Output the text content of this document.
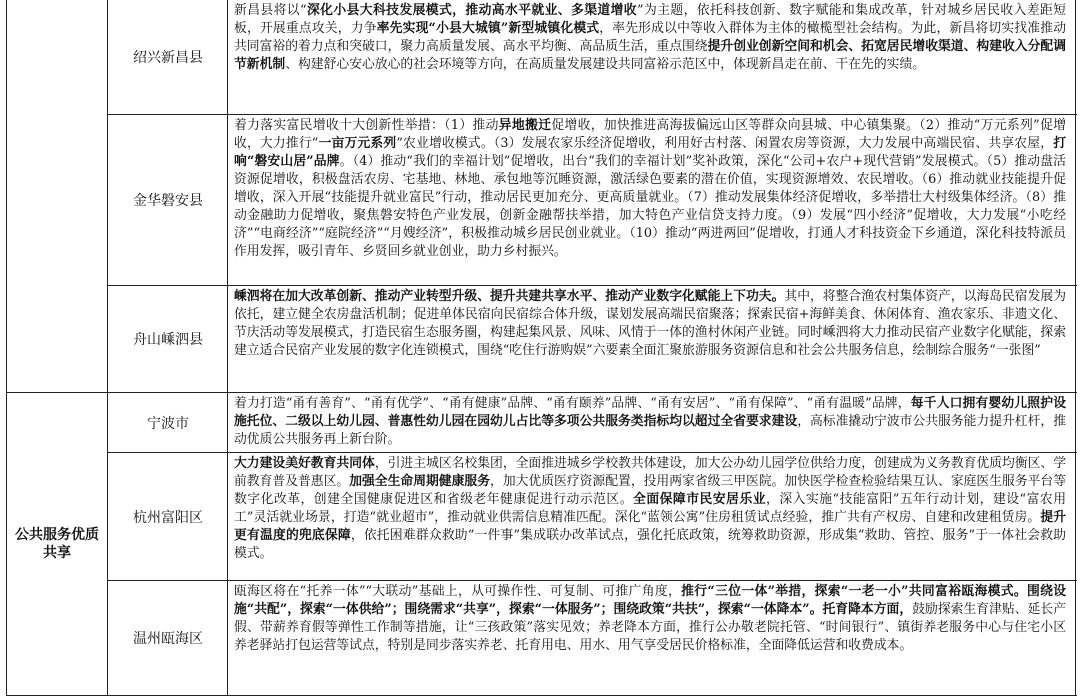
公共服务优质共享
绍兴新昌县
金华磐安县
舟山嵊泗县
宁波市
杭州富阳区
温州瓯海区
新昌县将以“深化小县大科技发展模式，推动高水平就业、多渠道增收”为主题，依托科技创新、数字赋能和集成改革，针对城乡居民收入差距短板，开展重点攻关，力争率先实现“小县大城镇”新型城镇化模式，率先形成以中等收入群体为主体的橄榄型社会结构。为此，新昌将切实找准推动共同富裕的着力点和突破口，聚力高质量发展、高水平均衡、高品质生活，重点围绕提升创业创新空间和机会、拓宽居民增收渠道、构建收入分配调节新机制、构建舒心安心放心的社会环境等方向，在高质量发展建设共同富裕示范区中，体现新昌走在前、干在先的实绩。
着力落实富民增收十大创新性举措：（1）推动异地搬迁促增收，加快推进高海拔偏远山区等群众向县城、中心镇集聚。（2）推动“万元系列”促增收，大力推行“一亩万元系列”农业增收模式。（3）发展农家乐经济促增收，利用好古村落、闲置农房等资源，大力发展中高端民宿、共享农屋，打响“磐安山居”品牌。（4）推动“我们的幸福计划”促增收，出台“我们的幸福计划”奖补政策，深化“公司+农户+现代营销”发展模式。（5）推动盘活资源促增收，积极盘活农房、宅基地、林地、承包地等沉睡资源，激活绿色要素的潜在价值，实现资源增效、农民增收。（6）推动就业技能提升促增收，深入开展“技能提升就业富民”行动，推动居民更加充分、更高质量就业。（7）推动发展集体经济促增收，多举措壮大村级集体经济。（8）推动金融助力促增收，聚焦磐安特色产业发展，创新金融帮扶举措，加大特色产业信贷支持力度。（9）发展“四小经济”促增收，大力发展“小吃经济”“电商经济”“庭院经济”“月嫂经济”，积极推动城乡居民创业就业。（10）推动“两进两回”促增收，打通人才科技资金下乡通道，深化科技特派员作用发挥，吸引青年、乡贤回乡就业创业，助力乡村振兴。
嵊泗将在加大改革创新、推动产业转型升级、提升共建共享水平、推动产业数字化赋能上下功夫。其中，将整合渔农村集体资产，以海岛民宿发展为依托，建立健全农房盘活机制；促进单体民宿向民宿综合体升级，谋划发展高端民宿聚落；探索民宿+海鲜美食、休闲体育、渔农家乐、非遗文化、节庆活动等发展模式，打造民宿生态服务圈，构建起集风景、风味、风情于一体的渔村休闲产业链。同时嵊泗将大力推动民宿产业数字化赋能，探索建立适合民宿产业发展的数字化连锁模式，围绕“吃住行游购娱”六要素全面汇聚旅游服务资源信息和社会公共服务信息，绘制综合服务“一张图”
着力打造“甬有善育”、“甬有优学”、“甬有健康”品牌、“甬有颐养”品牌、“甬有安居”、“甬有保障”、“甬有温暖”品牌，每千人口拥有婴幼儿照护设施托位、二级以上幼儿园、普惠性幼儿园在园幼儿占比等多项公共服务类指标均以超过全省要求建设，高标准撬动宁波市公共服务能力提升杠杆，推动优质公共服务再上新台阶。
大力建设美好教育共同体，引进主城区名校集团，全面推进城乡学校教共体建设，加大公办幼儿园学位供给力度，创建成为义务教育优质均衡区、学前教育普及普惠区。加强全生命周期健康服务，加大优质医疗资源配置，投用两家省级三甲医院。加快医学检查检验结果互认、家庭医生服务平台等数字化改革，创建全国健康促进区和省级老年健康促进行动示范区。全面保障市民安居乐业，深入实施“技能富阳”五年行动计划，建设“富农用工”灵活就业场景，打造“就业超市”，推动就业供需信息精准匹配。深化“蓝领公寓”住房租赁试点经验，推广共有产权房、自建和改建租赁房。提升更有温度的兜底保障，依托困难群众救助“一件事”集成联办改革试点，强化托底政策，统筹救助资源，形成集“救助、管控、服务”于一体社会救助模式。
瓯海区将在“托养一体”“大联动”基础上，从可操作性、可复制、可推广角度，推行“三位一体”举措，探索“一老一小”共同富裕瓯海模式。围绕设施“共配”，探索“一体供给”；围绕需求“共享”，探索“一体服务”；围绕政策“共扶”，探索“一体降本”。托育降本方面，鼓励探索生育津贴、延长产假、带薪养育假等弹性工作制等措施，让“三孩政策”落实见效；养老降本方面，推行公办敬老院托管、“时间银行”、镇街养老服务中心与住宅小区养老驿站打包运营等试点，特别是同步落实养老、托育用电、用水、用气享受居民价格标准，全面降低运营和收费成本。
